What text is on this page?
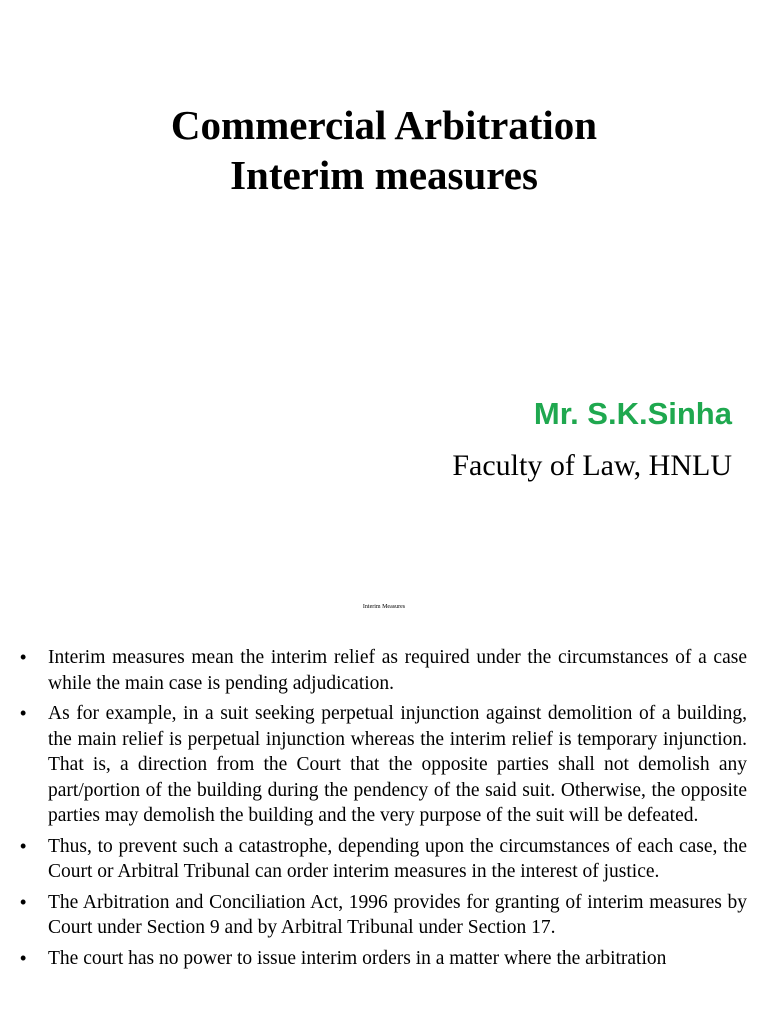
Commercial Arbitration
Interim measures
Mr. S.K.Sinha
Faculty of Law, HNLU
Interim Measures
• Interim measures mean the interim relief as required under the circumstances of a case while the main case is pending adjudication.
• As for example, in a suit seeking perpetual injunction against demolition of a building, the main relief is perpetual injunction whereas the interim relief is temporary injunction. That is, a direction from the Court that the opposite parties shall not demolish any part/portion of the building during the pendency of the said suit. Otherwise, the opposite parties may demolish the building and the very purpose of the suit will be defeated.
• Thus, to prevent such a catastrophe, depending upon the circumstances of each case, the Court or Arbitral Tribunal can order interim measures in the interest of justice.
• The Arbitration and Conciliation Act, 1996 provides for granting of interim measures by Court under Section 9 and by Arbitral Tribunal under Section 17.
• The court has no power to issue interim orders in a matter where the arbitration
